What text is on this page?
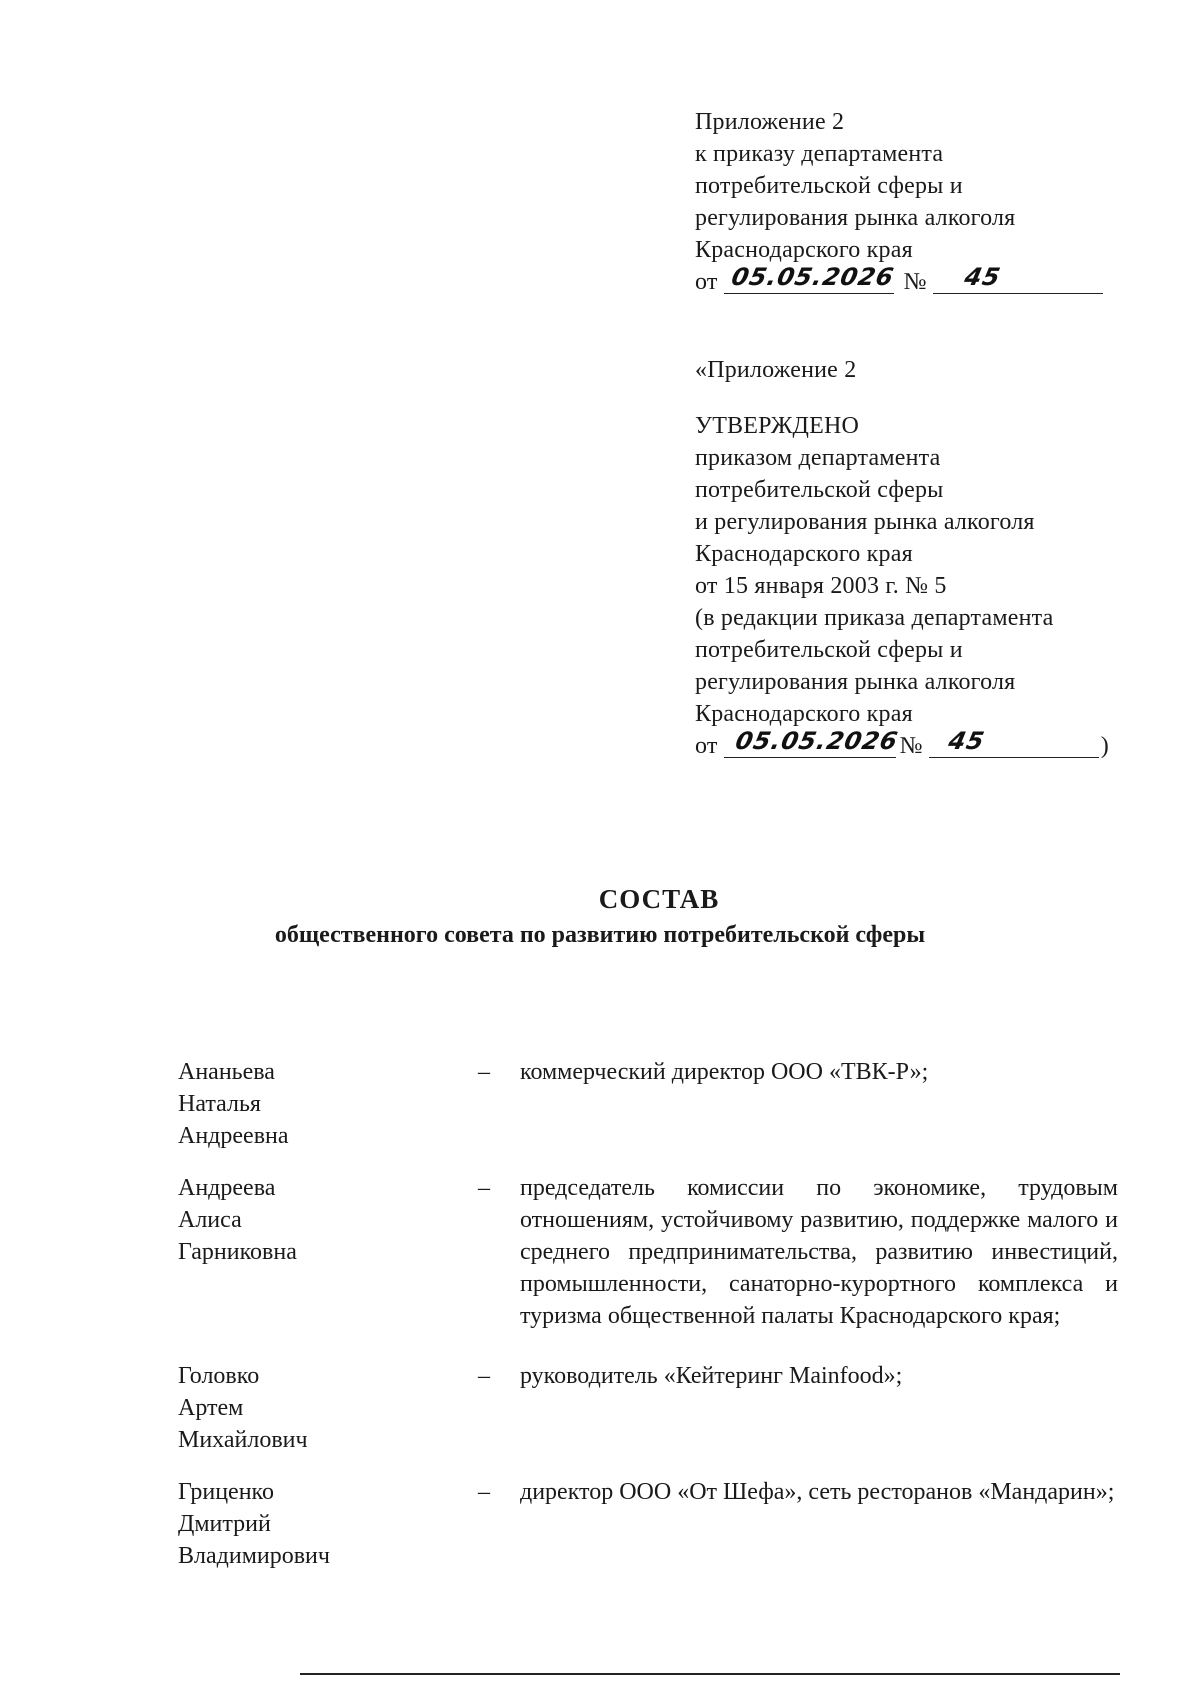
Приложение 2
к приказу департамента
потребительской сферы и
регулирования рынка алкоголя
Краснодарского края
от 05.05.2026 № 45
«Приложение 2
УТВЕРЖДЕНО
приказом департамента
потребительской сферы
и регулирования рынка алкоголя
Краснодарского края
от 15 января 2003 г. № 5
(в редакции приказа департамента
потребительской сферы и
регулирования рынка алкоголя
Краснодарского края
от 05.05.2026 № 45	)
СОСТАВ
общественного совета по развитию потребительской сферы
Ананьева
Наталья
Андреевна
–	коммерческий директор ООО «ТВК-Р»;
Андреева
Алиса
Гарниковна
–	председатель комиссии по экономике, трудовым отношениям, устойчивому развитию, поддержке малого и среднего предпринимательства, развитию инвестиций, промышленности, санаторно-курортного комплекса и туризма общественной палаты Краснодарского края;
Головко
Артем
Михайлович
–	руководитель «Кейтеринг Mainfood»;
Гриценко
Дмитрий
Владимирович
–	директор ООО «От Шефа», сеть ресторанов «Мандарин»;
